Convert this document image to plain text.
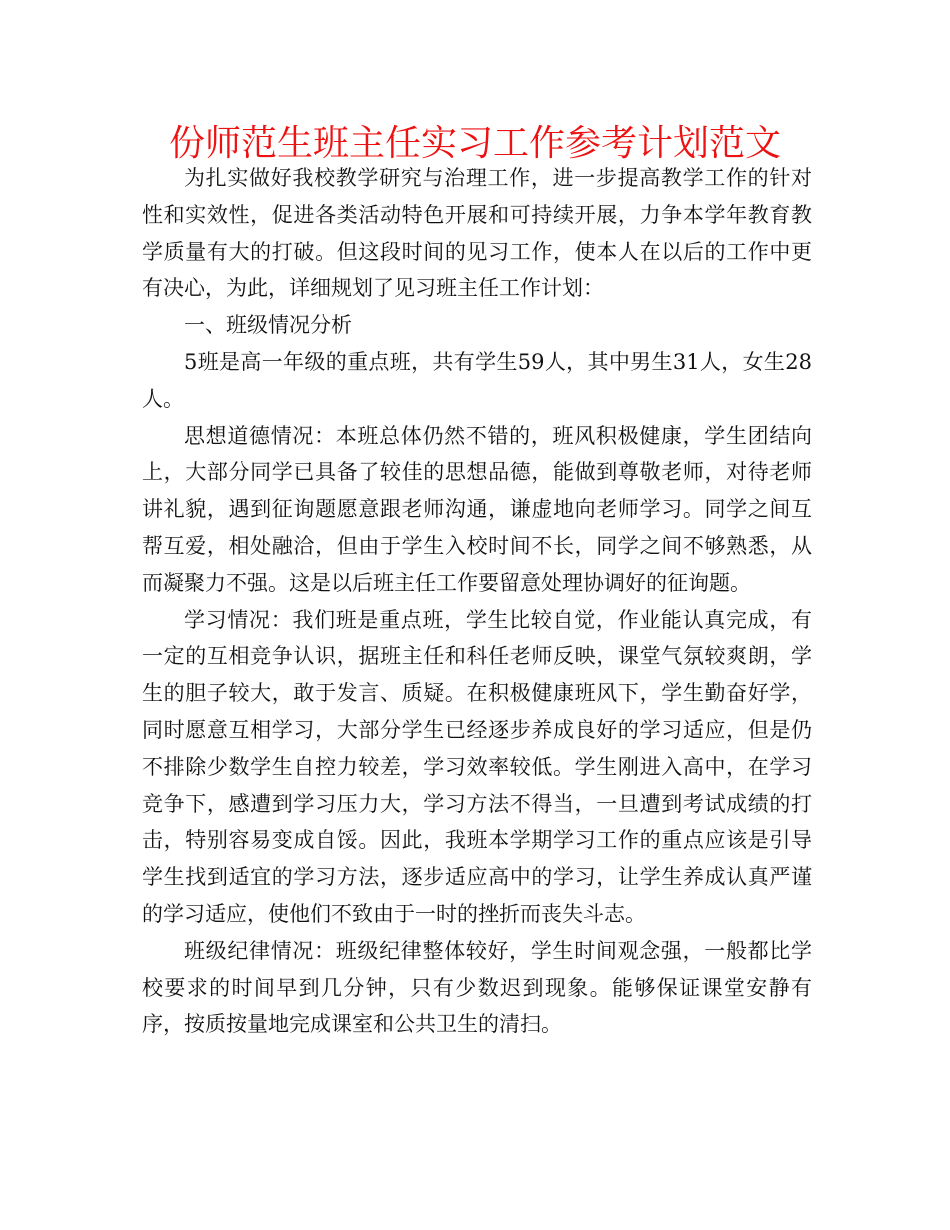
份师范生班主任实习工作参考计划范文

为扎实做好我校教学研究与治理工作，进一步提高教学工作的针对性和实效性，促进各类活动特色开展和可持续开展，力争本学年教育教学质量有大的打破。但这段时间的见习工作，使本人在以后的工作中更有决心，为此，详细规划了见习班主任工作计划：

一、班级情况分析

5班是高一年级的重点班，共有学生59人，其中男生31人，女生28人。

思想道德情况：本班总体仍然不错的，班风积极健康，学生团结向上，大部分同学已具备了较佳的思想品德，能做到尊敬老师，对待老师讲礼貌，遇到征询题愿意跟老师沟通，谦虚地向老师学习。同学之间互帮互爱，相处融洽，但由于学生入校时间不长，同学之间不够熟悉，从而凝聚力不强。这是以后班主任工作要留意处理协调好的征询题。

学习情况：我们班是重点班，学生比较自觉，作业能认真完成，有一定的互相竞争认识，据班主任和科任老师反映，课堂气氛较爽朗，学生的胆子较大，敢于发言、质疑。在积极健康班风下，学生勤奋好学，同时愿意互相学习，大部分学生已经逐步养成良好的学习适应，但是仍不排除少数学生自控力较差，学习效率较低。学生刚进入高中，在学习竞争下，感遭到学习压力大，学习方法不得当，一旦遭到考试成绩的打击，特别容易变成自馁。因此，我班本学期学习工作的重点应该是引导学生找到适宜的学习方法，逐步适应高中的学习，让学生养成认真严谨的学习适应，使他们不致由于一时的挫折而丧失斗志。

班级纪律情况：班级纪律整体较好，学生时间观念强，一般都比学校要求的时间早到几分钟，只有少数迟到现象。能够保证课堂安静有序，按质按量地完成课室和公共卫生的清扫。
